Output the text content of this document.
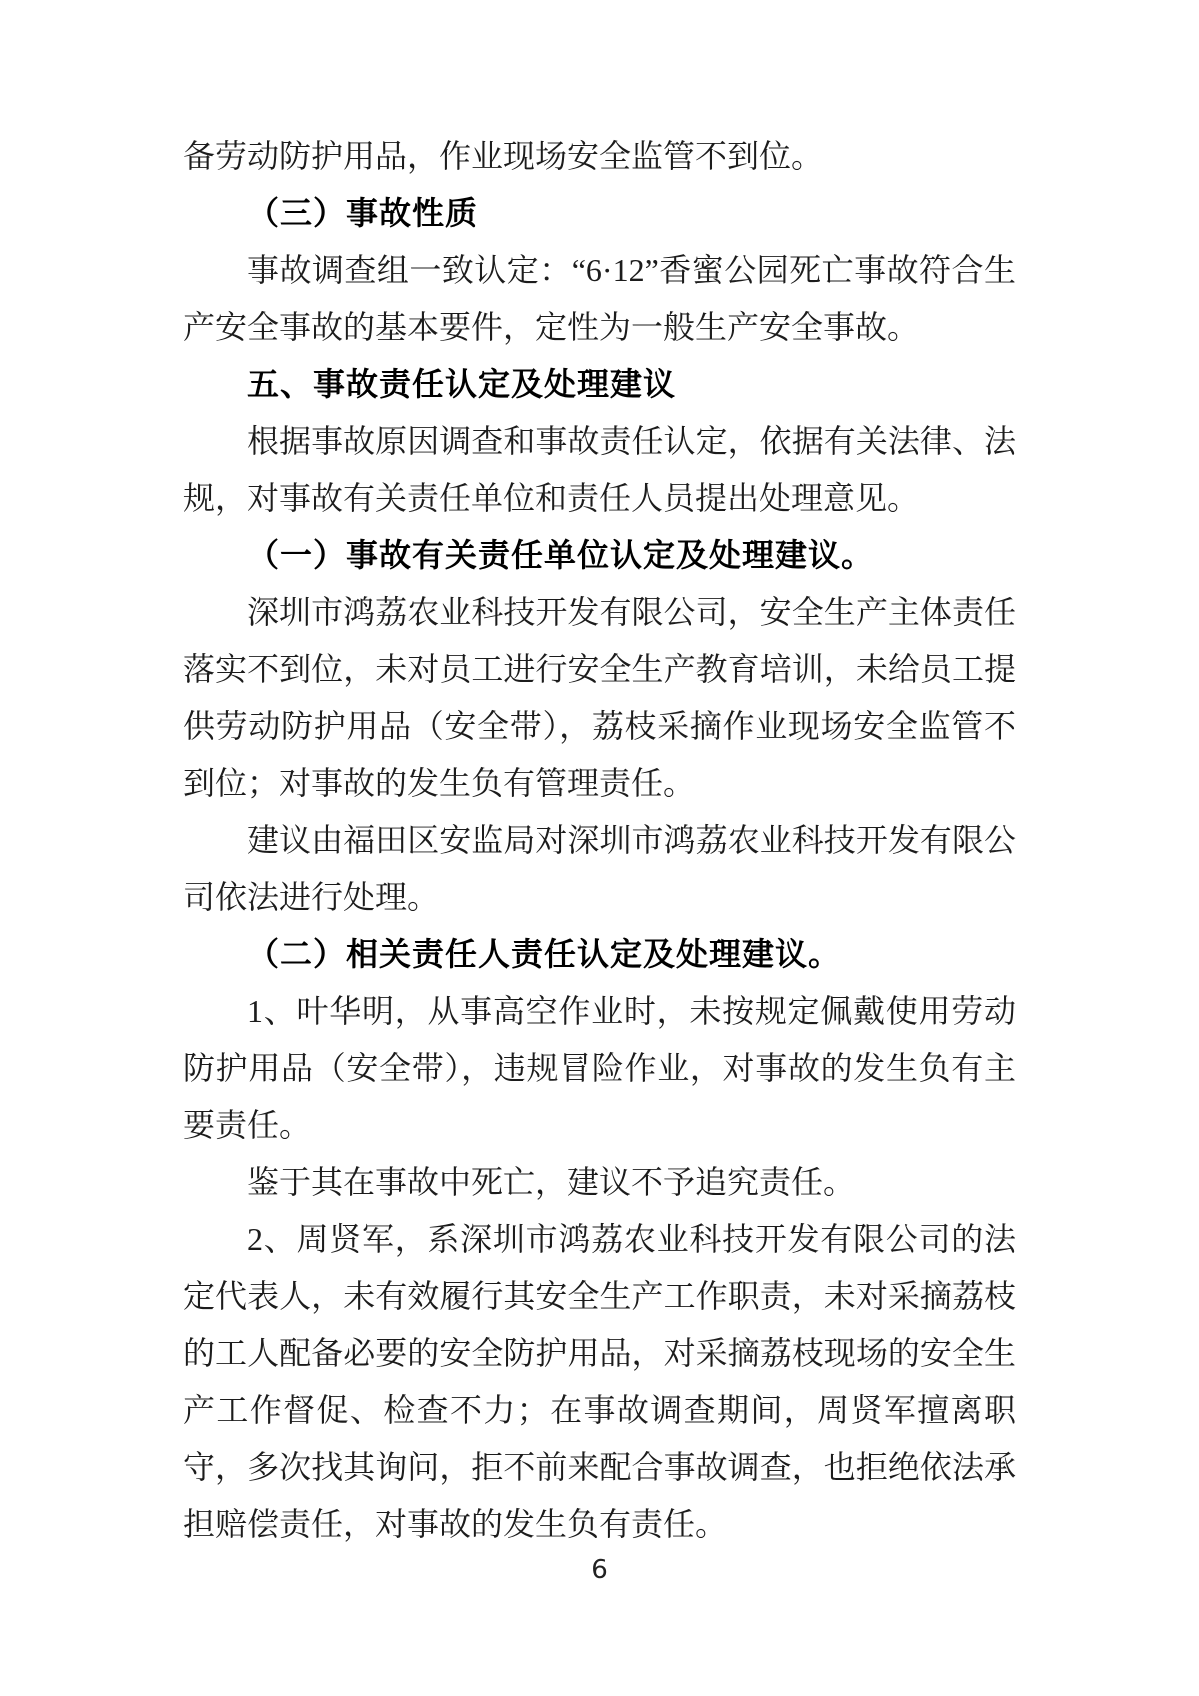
备劳动防护用品，作业现场安全监管不到位。

（三）事故性质

事故调查组一致认定：“6·12”香蜜公园死亡事故符合生产安全事故的基本要件，定性为一般生产安全事故。

五、事故责任认定及处理建议

根据事故原因调查和事故责任认定，依据有关法律、法规，对事故有关责任单位和责任人员提出处理意见。

（一）事故有关责任单位认定及处理建议。

深圳市鸿荔农业科技开发有限公司，安全生产主体责任落实不到位，未对员工进行安全生产教育培训，未给员工提供劳动防护用品（安全带），荔枝采摘作业现场安全监管不到位；对事故的发生负有管理责任。

建议由福田区安监局对深圳市鸿荔农业科技开发有限公司依法进行处理。

（二）相关责任人责任认定及处理建议。

1、叶华明，从事高空作业时，未按规定佩戴使用劳动防护用品（安全带），违规冒险作业，对事故的发生负有主要责任。

鉴于其在事故中死亡，建议不予追究责任。

2、周贤军，系深圳市鸿荔农业科技开发有限公司的法定代表人，未有效履行其安全生产工作职责，未对采摘荔枝的工人配备必要的安全防护用品，对采摘荔枝现场的安全生产工作督促、检查不力；在事故调查期间，周贤军擅离职守，多次找其询问，拒不前来配合事故调查，也拒绝依法承担赔偿责任，对事故的发生负有责任。

6
